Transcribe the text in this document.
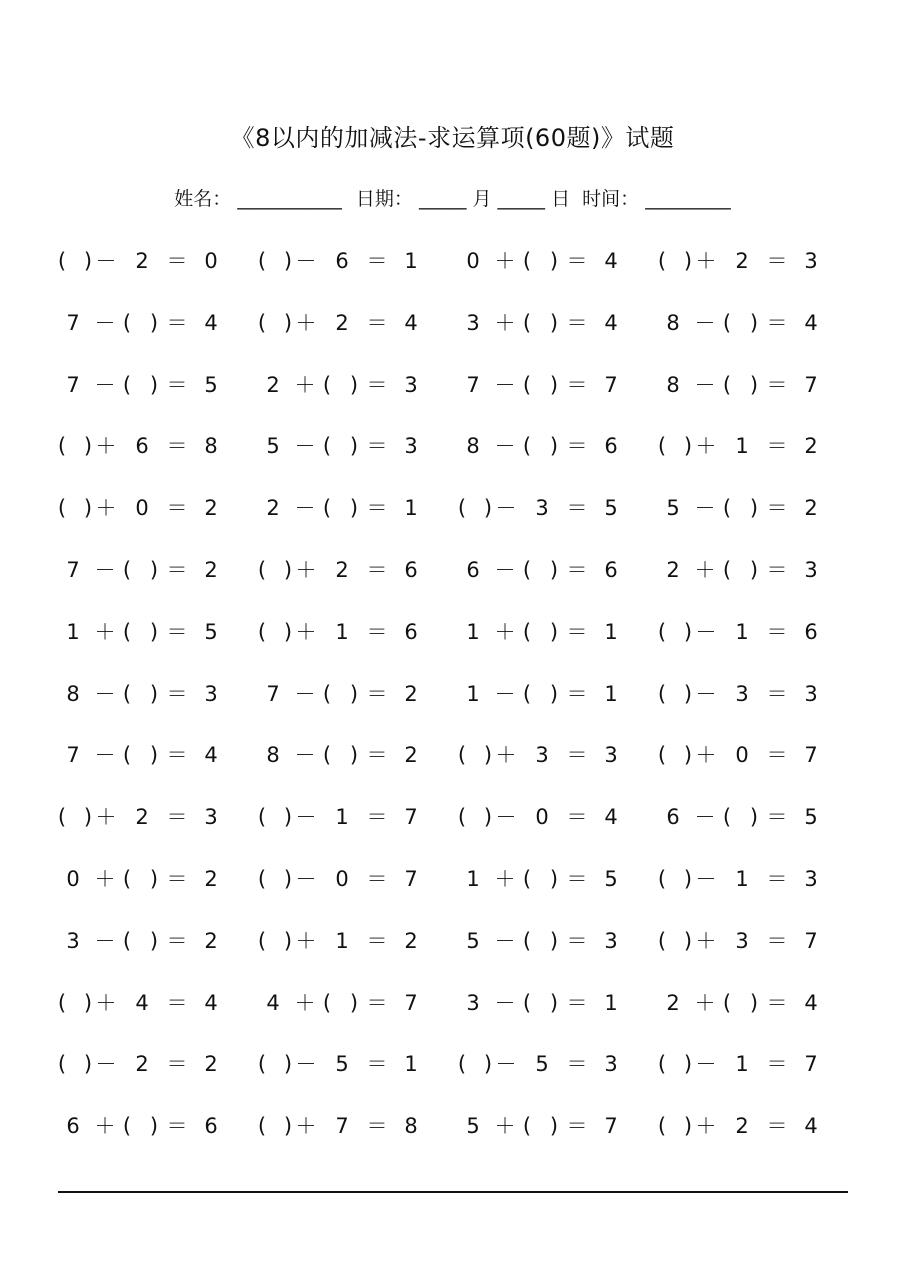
《8以内的加减法-求运算项(60题)》试题
姓名： ___________ 日期： _____ 月 _____ 日 时间： _________
( ) － 2 ＝ 0 ( ) － 6 ＝ 1 0 ＋ ( ) ＝ 4 ( ) ＋ 2 ＝ 3
7 － ( ) ＝ 4 ( ) ＋ 2 ＝ 4 3 ＋ ( ) ＝ 4 8 － ( ) ＝ 4
7 － ( ) ＝ 5 2 ＋ ( ) ＝ 3 7 － ( ) ＝ 7 8 － ( ) ＝ 7
( ) ＋ 6 ＝ 8 5 － ( ) ＝ 3 8 － ( ) ＝ 6 ( ) ＋ 1 ＝ 2
( ) ＋ 0 ＝ 2 2 － ( ) ＝ 1 ( ) － 3 ＝ 5 5 － ( ) ＝ 2
7 － ( ) ＝ 2 ( ) ＋ 2 ＝ 6 6 － ( ) ＝ 6 2 ＋ ( ) ＝ 3
1 ＋ ( ) ＝ 5 ( ) ＋ 1 ＝ 6 1 ＋ ( ) ＝ 1 ( ) － 1 ＝ 6
8 － ( ) ＝ 3 7 － ( ) ＝ 2 1 － ( ) ＝ 1 ( ) － 3 ＝ 3
7 － ( ) ＝ 4 8 － ( ) ＝ 2 ( ) ＋ 3 ＝ 3 ( ) ＋ 0 ＝ 7
( ) ＋ 2 ＝ 3 ( ) － 1 ＝ 7 ( ) － 0 ＝ 4 6 － ( ) ＝ 5
0 ＋ ( ) ＝ 2 ( ) － 0 ＝ 7 1 ＋ ( ) ＝ 5 ( ) － 1 ＝ 3
3 － ( ) ＝ 2 ( ) ＋ 1 ＝ 2 5 － ( ) ＝ 3 ( ) ＋ 3 ＝ 7
( ) ＋ 4 ＝ 4 4 ＋ ( ) ＝ 7 3 － ( ) ＝ 1 2 ＋ ( ) ＝ 4
( ) － 2 ＝ 2 ( ) － 5 ＝ 1 ( ) － 5 ＝ 3 ( ) － 1 ＝ 7
6 ＋ ( ) ＝ 6 ( ) ＋ 7 ＝ 8 5 ＋ ( ) ＝ 7 ( ) ＋ 2 ＝ 4
